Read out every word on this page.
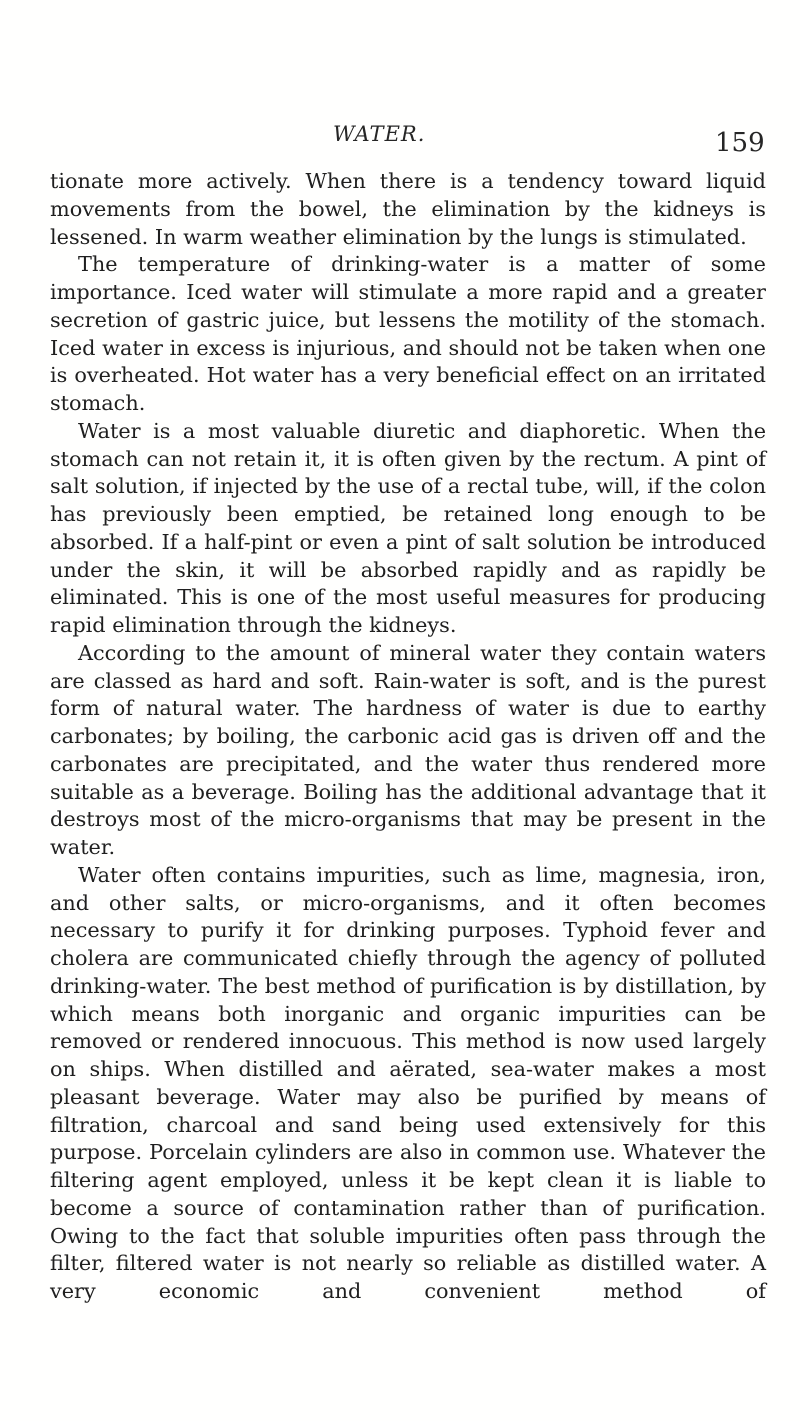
WATER.	159

tionate more actively. When there is a tendency toward liquid movements from the bowel, the elimination by the kidneys is lessened. In warm weather elimination by the lungs is stimulated.

The temperature of drinking-water is a matter of some importance. Iced water will stimulate a more rapid and a greater secretion of gastric juice, but lessens the motility of the stomach. Iced water in excess is injurious, and should not be taken when one is overheated. Hot water has a very beneficial effect on an irritated stomach.

Water is a most valuable diuretic and diaphoretic. When the stomach can not retain it, it is often given by the rectum. A pint of salt solution, if injected by the use of a rectal tube, will, if the colon has previously been emptied, be retained long enough to be absorbed. If a half-pint or even a pint of salt solution be introduced under the skin, it will be absorbed rapidly and as rapidly be eliminated. This is one of the most useful measures for producing rapid elimination through the kidneys.

According to the amount of mineral water they contain waters are classed as hard and soft. Rain-water is soft, and is the purest form of natural water. The hardness of water is due to earthy carbonates; by boiling, the carbonic acid gas is driven off and the carbonates are precipitated, and the water thus rendered more suitable as a beverage. Boiling has the additional advantage that it destroys most of the micro-organisms that may be present in the water.

Water often contains impurities, such as lime, magnesia, iron, and other salts, or micro-organisms, and it often becomes necessary to purify it for drinking purposes. Typhoid fever and cholera are communicated chiefly through the agency of polluted drinking-water. The best method of purification is by distillation, by which means both inorganic and organic impurities can be removed or rendered innocuous. This method is now used largely on ships. When distilled and aërated, sea-water makes a most pleasant beverage. Water may also be purified by means of filtration, charcoal and sand being used extensively for this purpose. Porcelain cylinders are also in common use. Whatever the filtering agent employed, unless it be kept clean it is liable to become a source of contamination rather than of purification. Owing to the fact that soluble impurities often pass through the filter, filtered water is not nearly so reliable as distilled water. A very economic and convenient method of
